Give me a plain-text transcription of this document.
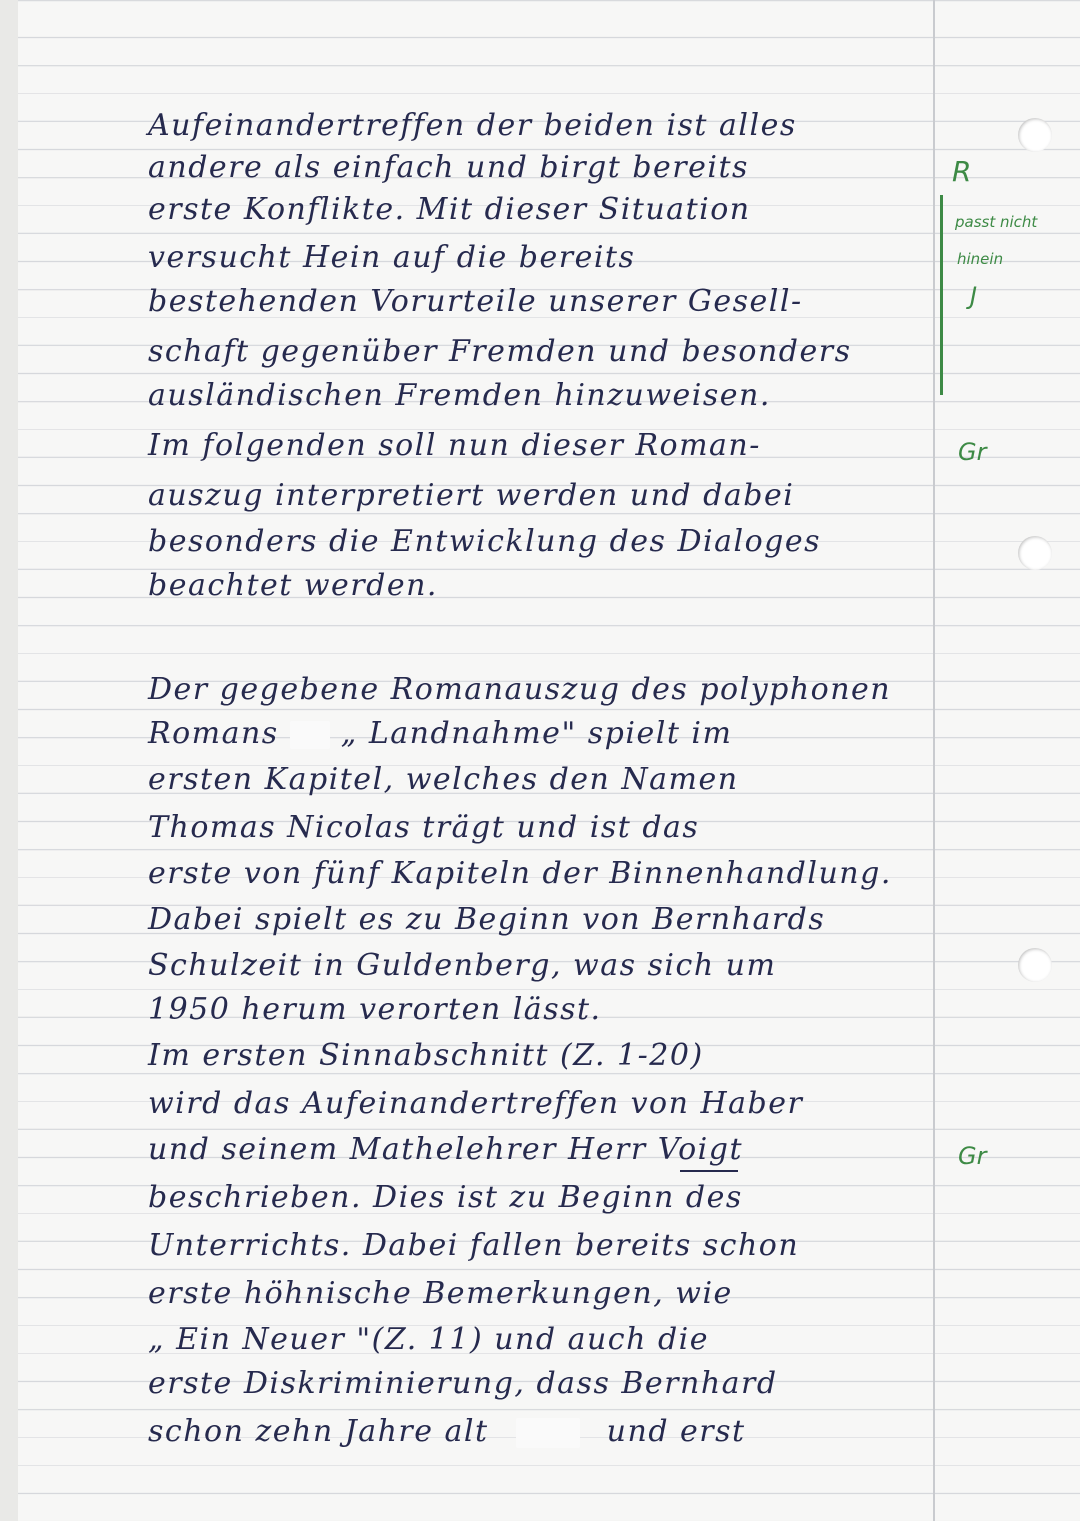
Aufeinandertreffen der beiden ist alles
andere als einfach und birgt bereits
erste Konflikte. Mit dieser Situation
versucht Hein auf die bereits
bestehenden Vorurteile unserer Gesell-
schaft gegenüber Fremden und besonders
ausländischen Fremden hinzuweisen.
Im folgenden soll nun dieser Roman-
auszug interpretiert werden und dabei
besonders die Entwicklung des Dialoges
beachtet werden.
Der gegebene Romanauszug des polyphonen
Romans „ Landnahme" spielt im
ersten Kapitel, welches den Namen
Thomas Nicolas trägt und ist das
erste von fünf Kapiteln der Binnenhandlung.
Dabei spielt es zu Beginn von Bernhards
Schulzeit in Guldenberg, was sich um
1950 herum verorten lässt.
Im ersten Sinnabschnitt (Z. 1-20)
wird das Aufeinandertreffen von Haber
und seinem Mathelehrer Herr Voigt
beschrieben. Dies ist zu Beginn des
Unterrichts. Dabei fallen bereits schon
erste höhnische Bemerkungen, wie
„ Ein Neuer "(Z. 11) und auch die
erste Diskriminierung, dass Bernhard
schon zehn Jahre alt	und erst
R
passt nicht
hinein
J
Gr
Gr
